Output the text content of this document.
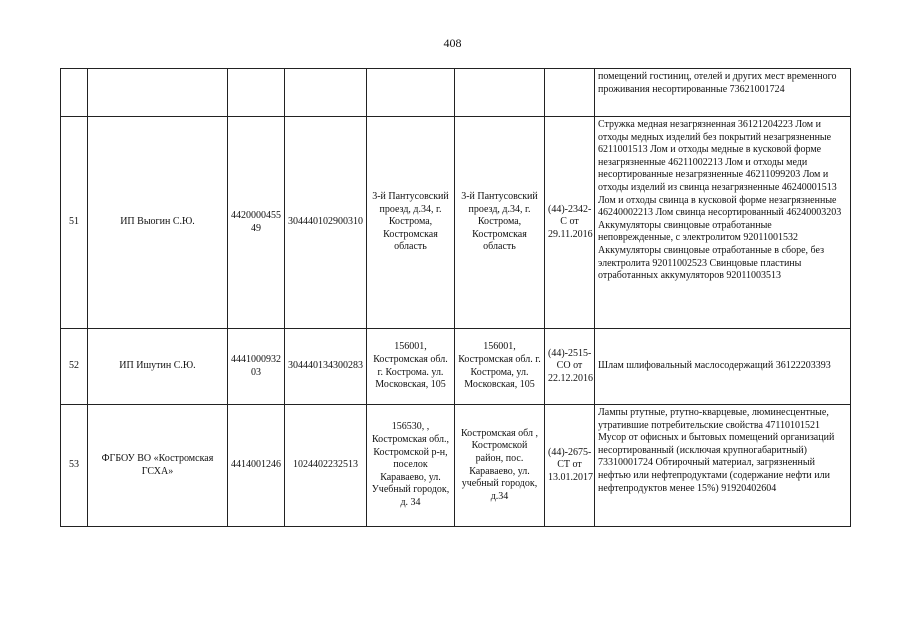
408
							помещений гостиниц, отелей и других мест временного проживания несортированные 73621001724
51	ИП Выогин С.Ю.	442000045549	304440102900310	3-й Пантусовский проезд, д.34, г. Кострома, Костромская область	3-й Пантусовский проезд, д.34, г. Кострома, Костромская область	(44)-2342-С от 29.11.2016	Стружка медная незагрязненная 36121204223 Лом и отходы медных изделий без покрытий незагрязненные 6211001513 Лом и отходы медные в кусковой форме незагрязненные 46211002213 Лом и отходы меди несортированные незагрязненные 46211099203 Лом и отходы изделий из свинца незагрязненные 46240001513 Лом и отходы свинца в кусковой форме незагрязненные 46240002213 Лом свинца несортированный 46240003203 Аккумуляторы свинцовые отработанные неповрежденные, с электролитом 92011001532 Аккумуляторы свинцовые отработанные в сборе, без электролита 92011002523 Свинцовые пластины отработанных аккумуляторов 92011003513
52	ИП Ишутин С.Ю.	444100093203	304440134300283	156001, Костромская обл. г. Кострома. ул. Московская, 105	156001, Костромская обл. г. Кострома, ул. Московская, 105	(44)-2515-СО от 22.12.2016	Шлам шлифовальный маслосодержащий 36122203393
53	ФГБОУ ВО «Костромская ГСХА»	4414001246	1024402232513	156530, , Костромская обл., Костромской р-н, поселок Караваево, ул. Учебный городок, д. 34	Костромская обл , Костромской район, пос. Караваево, ул. учебный городок, д.34	(44)-2675-СТ от 13.01.2017	Лампы ртутные, ртутно-кварцевые, люминесцентные, утратившие потребительские свойства 47110101521 Мусор от офисных и бытовых помещений организаций несортированный (исключая крупногабаритный) 73310001724 Обтирочный материал, загрязненный нефтью или нефтепродуктами (содержание нефти или нефтепродуктов менее 15%) 91920402604
